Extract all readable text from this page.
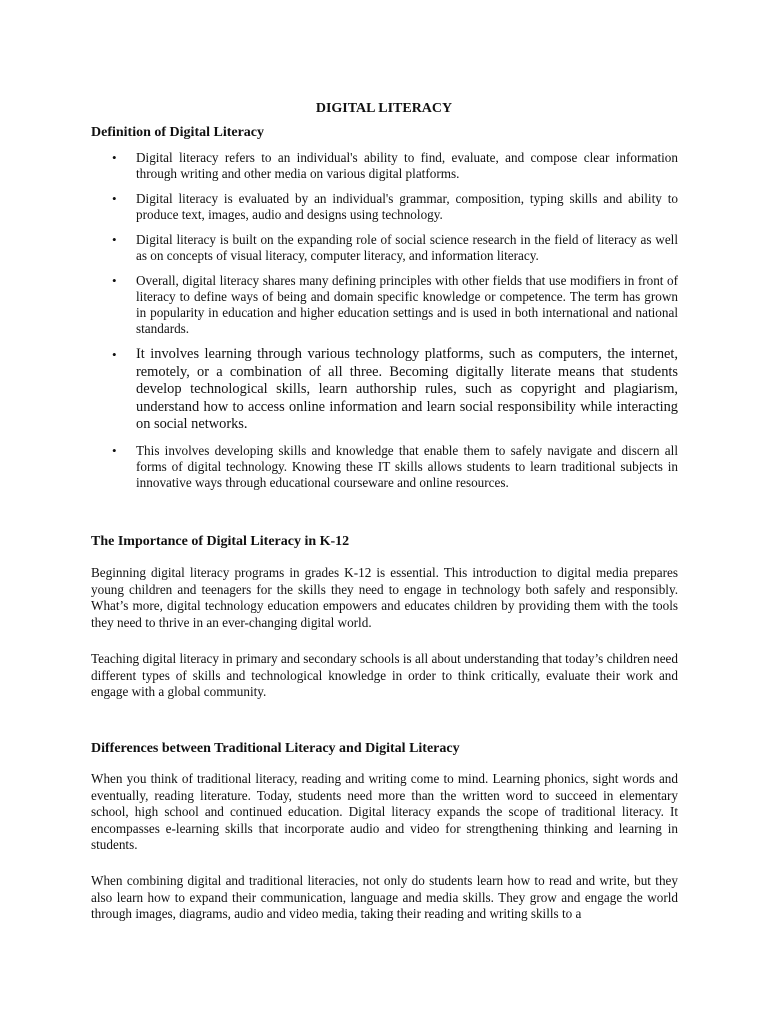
DIGITAL LITERACY
Definition of Digital Literacy
• Digital literacy refers to an individual's ability to find, evaluate, and compose clear information through writing and other media on various digital platforms.
• Digital literacy is evaluated by an individual's grammar, composition, typing skills and ability to produce text, images, audio and designs using technology.
• Digital literacy is built on the expanding role of social science research in the field of literacy as well as on concepts of visual literacy, computer literacy, and information literacy.
• Overall, digital literacy shares many defining principles with other fields that use modifiers in front of literacy to define ways of being and domain specific knowledge or competence. The term has grown in popularity in education and higher education settings and is used in both international and national standards.
• It involves learning through various technology platforms, such as computers, the internet, remotely, or a combination of all three. Becoming digitally literate means that students develop technological skills, learn authorship rules, such as copyright and plagiarism, understand how to access online information and learn social responsibility while interacting on social networks.
• This involves developing skills and knowledge that enable them to safely navigate and discern all forms of digital technology. Knowing these IT skills allows students to learn traditional subjects in innovative ways through educational courseware and online resources.
The Importance of Digital Literacy in K-12

Beginning digital literacy programs in grades K-12 is essential. This introduction to digital media prepares young children and teenagers for the skills they need to engage in technology both safely and responsibly. What’s more, digital technology education empowers and educates children by providing them with the tools they need to thrive in an ever-changing digital world.

Teaching digital literacy in primary and secondary schools is all about understanding that today’s children need different types of skills and technological knowledge in order to think critically, evaluate their work and engage with a global community.

Differences between Traditional Literacy and Digital Literacy

When you think of traditional literacy, reading and writing come to mind. Learning phonics, sight words and eventually, reading literature. Today, students need more than the written word to succeed in elementary school, high school and continued education. Digital literacy expands the scope of traditional literacy. It encompasses e-learning skills that incorporate audio and video for strengthening thinking and learning in students.

When combining digital and traditional literacies, not only do students learn how to read and write, but they also learn how to expand their communication, language and media skills. They grow and engage the world through images, diagrams, audio and video media, taking their reading and writing skills to a
